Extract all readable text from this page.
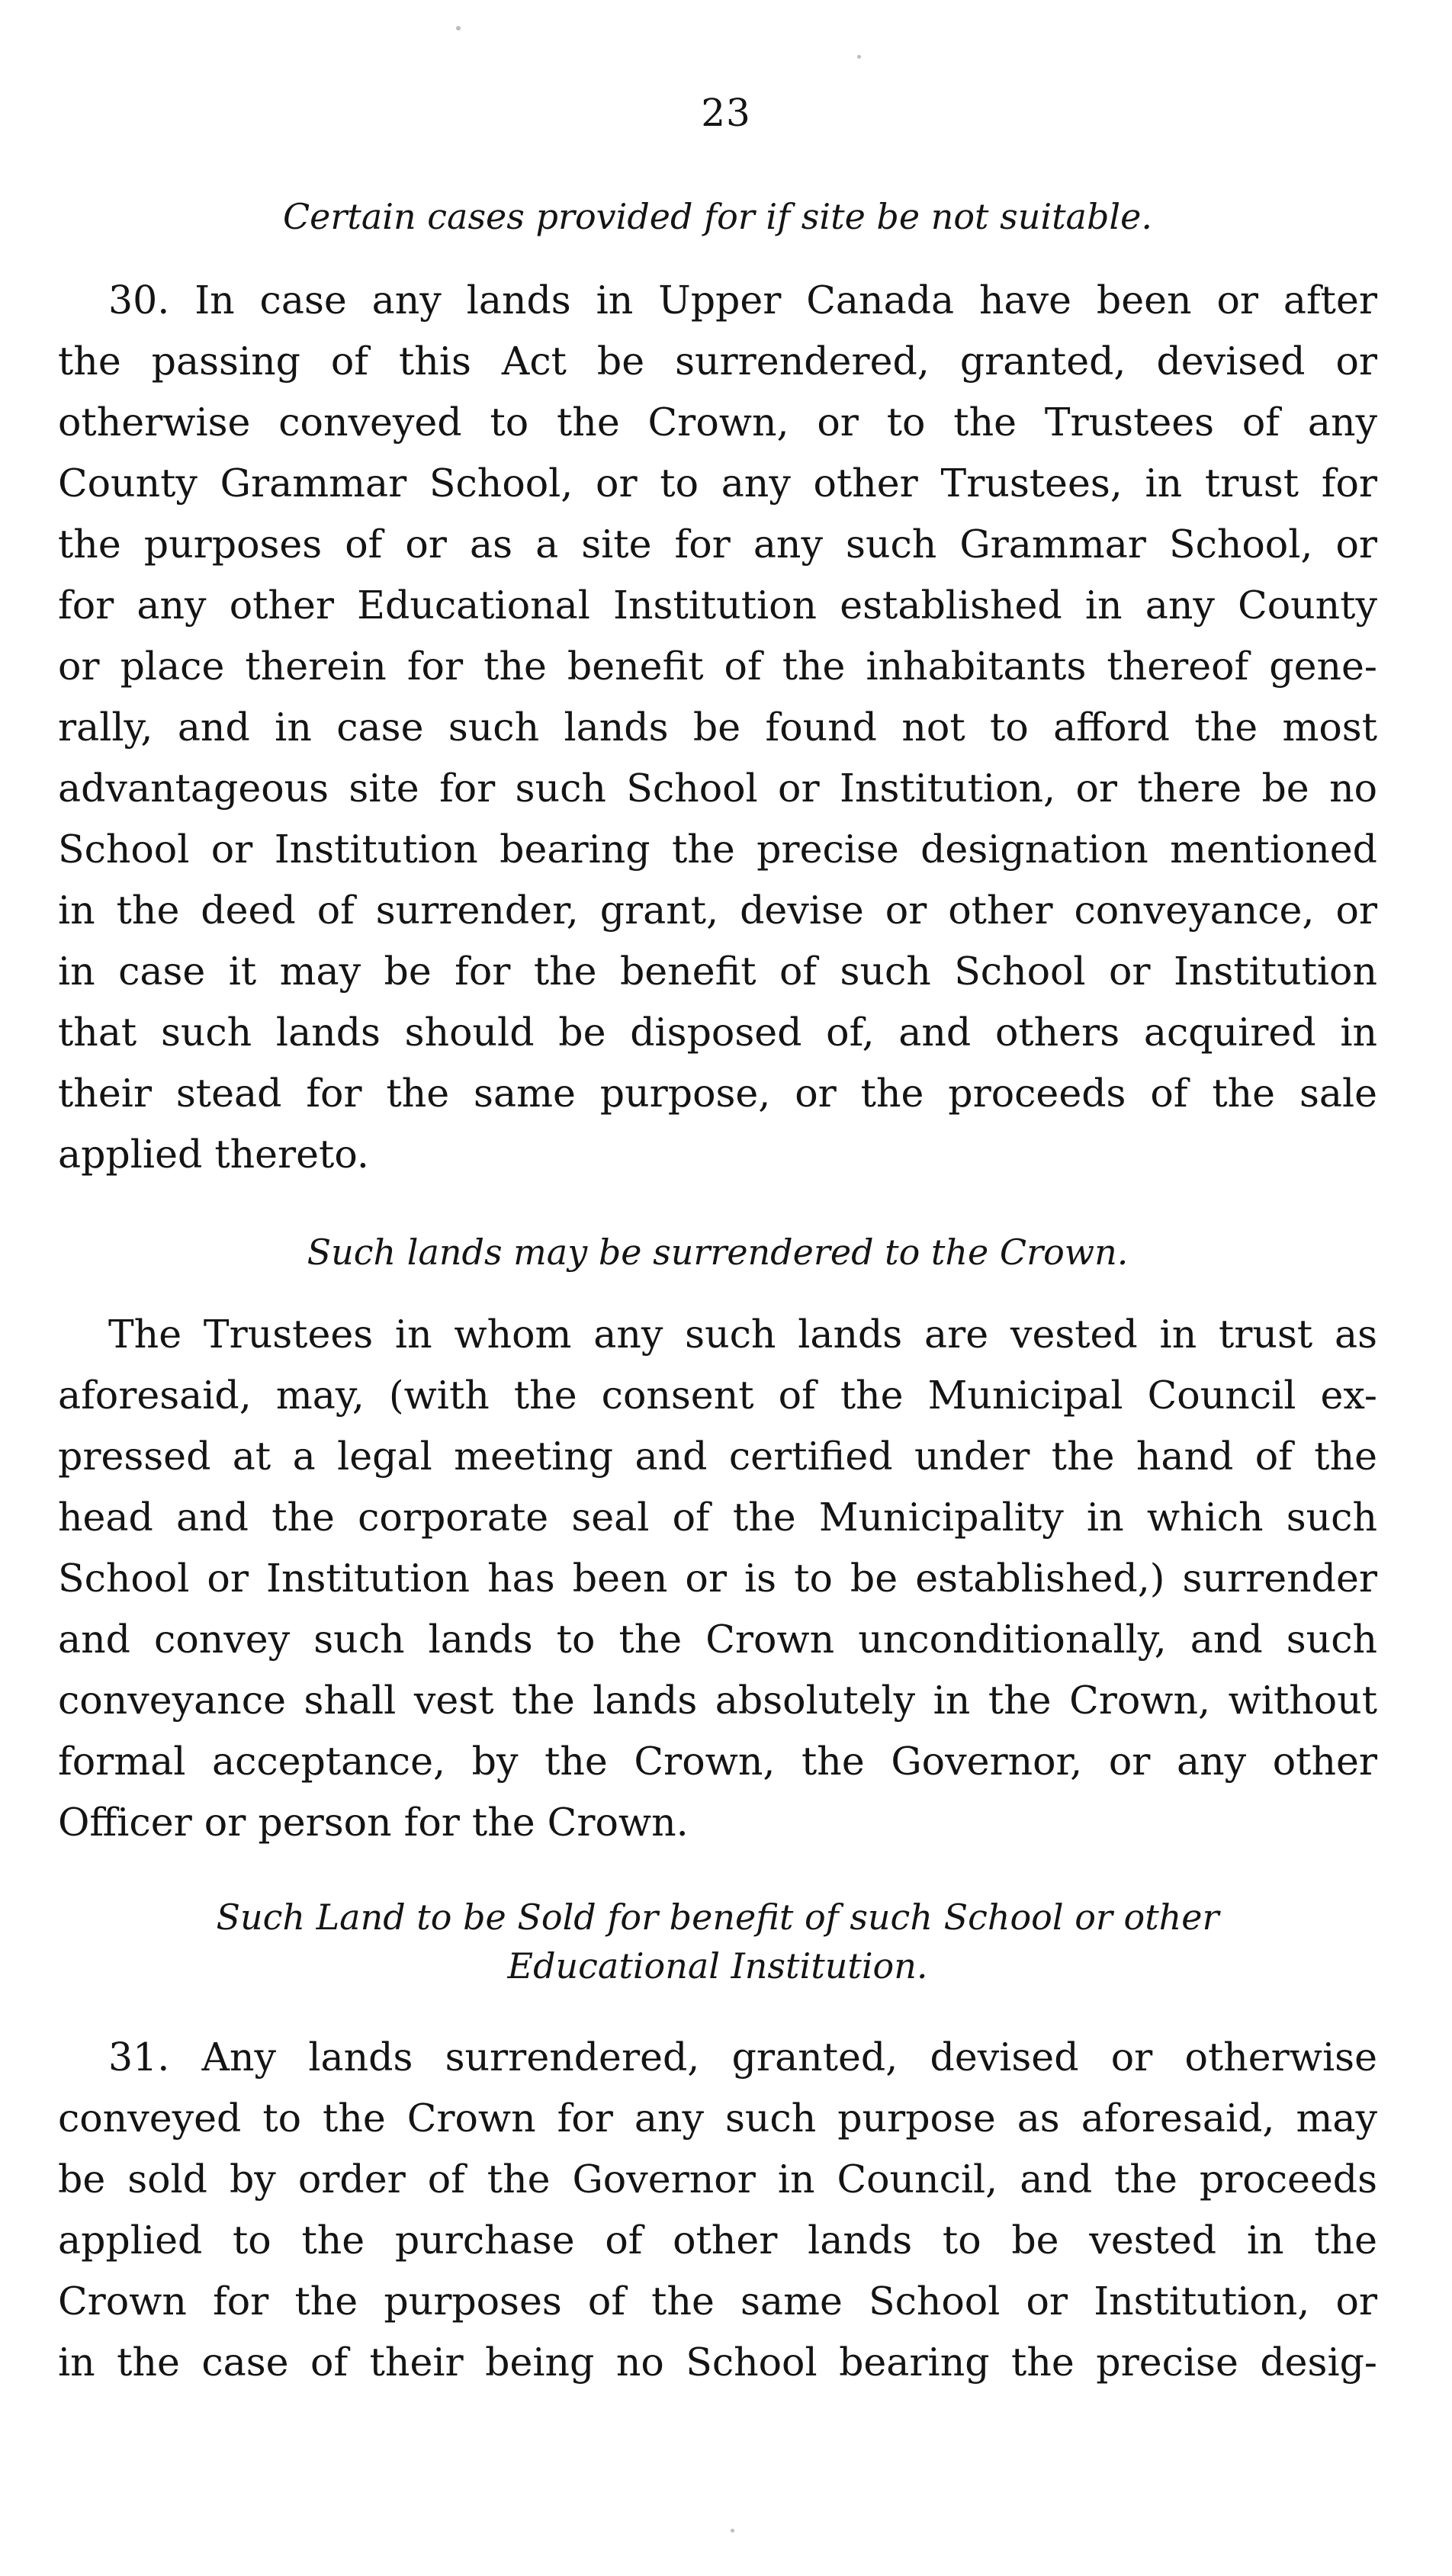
23

Certain cases provided for if site be not suitable.

30. In case any lands in Upper Canada have been or after
the passing of this Act be surrendered, granted, devised or
otherwise conveyed to the Crown, or to the Trustees of any
County Grammar School, or to any other Trustees, in trust for
the purposes of or as a site for any such Grammar School, or
for any other Educational Institution established in any County
or place therein for the benefit of the inhabitants thereof gene-
rally, and in case such lands be found not to afford the most
advantageous site for such School or Institution, or there be no
School or Institution bearing the precise designation mentioned
in the deed of surrender, grant, devise or other conveyance, or
in case it may be for the benefit of such School or Institution
that such lands should be disposed of, and others acquired in
their stead for the same purpose, or the proceeds of the sale
applied thereto.

Such lands may be surrendered to the Crown.

The Trustees in whom any such lands are vested in trust as
aforesaid, may, (with the consent of the Municipal Council ex-
pressed at a legal meeting and certified under the hand of the
head and the corporate seal of the Municipality in which such
School or Institution has been or is to be established,) surrender
and convey such lands to the Crown unconditionally, and such
conveyance shall vest the lands absolutely in the Crown, without
formal acceptance, by the Crown, the Governor, or any other
Officer or person for the Crown.

Such Land to be Sold for benefit of such School or other

Educational Institution.

31. Any lands surrendered, granted, devised or otherwise
conveyed to the Crown for any such purpose as aforesaid, may
be sold by order of the Governor in Council, and the proceeds
applied to the purchase of other lands to be vested in the
Crown for the purposes of the same School or Institution, or
in the case of their being no School bearing the precise desig-
